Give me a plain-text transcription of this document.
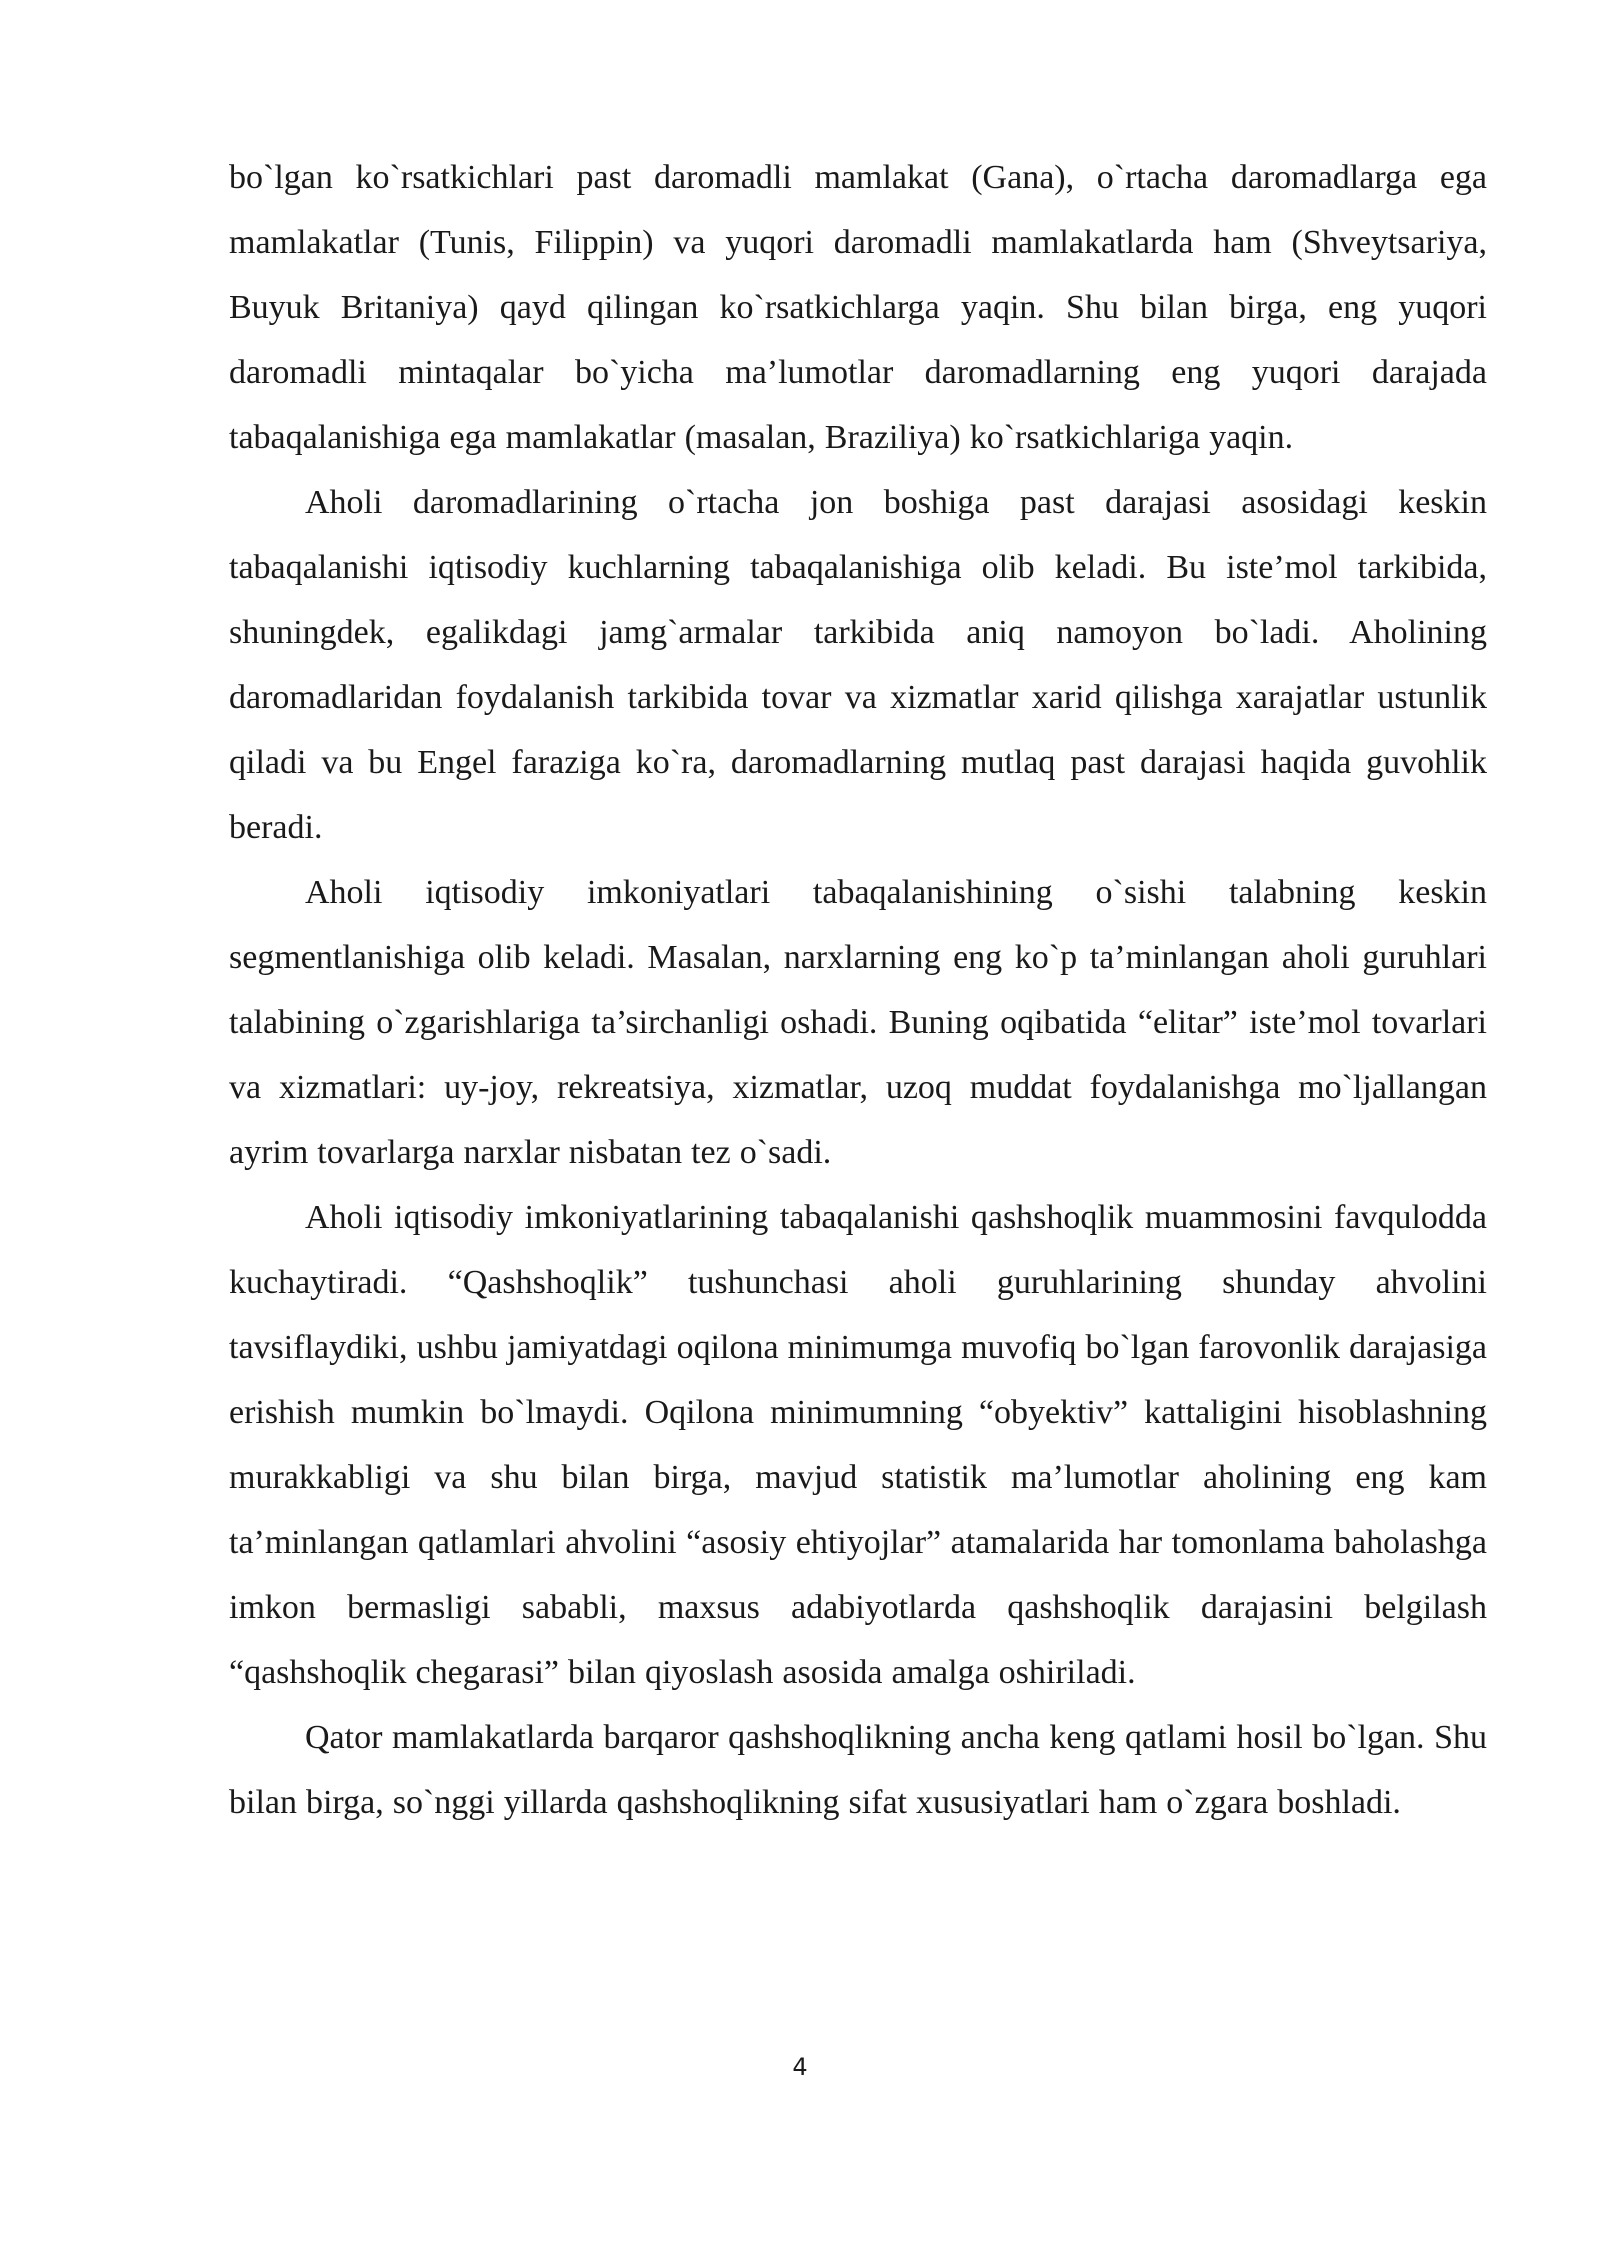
bo`lgan ko`rsatkichlari past daromadli mamlakat (Gana), o`rtacha daromadlarga ega mamlakatlar (Tunis, Filippin) va yuqori daromadli mamlakatlarda ham (Shveytsariya, Buyuk Britaniya) qayd qilingan ko`rsatkichlarga yaqin. Shu bilan birga, eng yuqori daromadli mintaqalar bo`yicha ma’lumotlar daromadlarning eng yuqori darajada tabaqalanishiga ega mamlakatlar (masalan, Braziliya) ko`rsatkichlariga yaqin.

Aholi daromadlarining o`rtacha jon boshiga past darajasi asosidagi keskin tabaqalanishi iqtisodiy kuchlarning tabaqalanishiga olib keladi. Bu iste’mol tarkibida, shuningdek, egalikdagi jamg`armalar tarkibida aniq namoyon bo`ladi. Aholining daromadlaridan foydalanish tarkibida tovar va xizmatlar xarid qilishga xarajatlar ustunlik qiladi va bu Engel faraziga ko`ra, daromadlarning mutlaq past darajasi haqida guvohlik beradi.

Aholi iqtisodiy imkoniyatlari tabaqalanishining o`sishi talabning keskin segmentlanishiga olib keladi. Masalan, narxlarning eng ko`p ta’minlangan aholi guruhlari talabining o`zgarishlariga ta’sirchanligi oshadi. Buning oqibatida “elitar” iste’mol tovarlari va xizmatlari: uy-joy, rekreatsiya, xizmatlar, uzoq muddat foydalanishga mo`ljallangan ayrim tovarlarga narxlar nisbatan tez o`sadi.

Aholi iqtisodiy imkoniyatlarining tabaqalanishi qashshoqlik muammosini favqulodda kuchaytiradi. “Qashshoqlik” tushunchasi aholi guruhlarining shunday ahvolini tavsiflaydiki, ushbu jamiyatdagi oqilona minimumga muvofiq bo`lgan farovonlik darajasiga erishish mumkin bo`lmaydi. Oqilona minimumning “obyektiv” kattaligini hisoblashning murakkabligi va shu bilan birga, mavjud statistik ma’lumotlar aholining eng kam ta’minlangan qatlamlari ahvolini “asosiy ehtiyojlar” atamalarida har tomonlama baholashga imkon bermasligi sababli, maxsus adabiyotlarda qashshoqlik darajasini belgilash “qashshoqlik chegarasi” bilan qiyoslash asosida amalga oshiriladi.

Qator mamlakatlarda barqaror qashshoqlikning ancha keng qatlami hosil bo`lgan. Shu bilan birga, so`nggi yillarda qashshoqlikning sifat xususiyatlari ham o`zgara boshladi.

4
